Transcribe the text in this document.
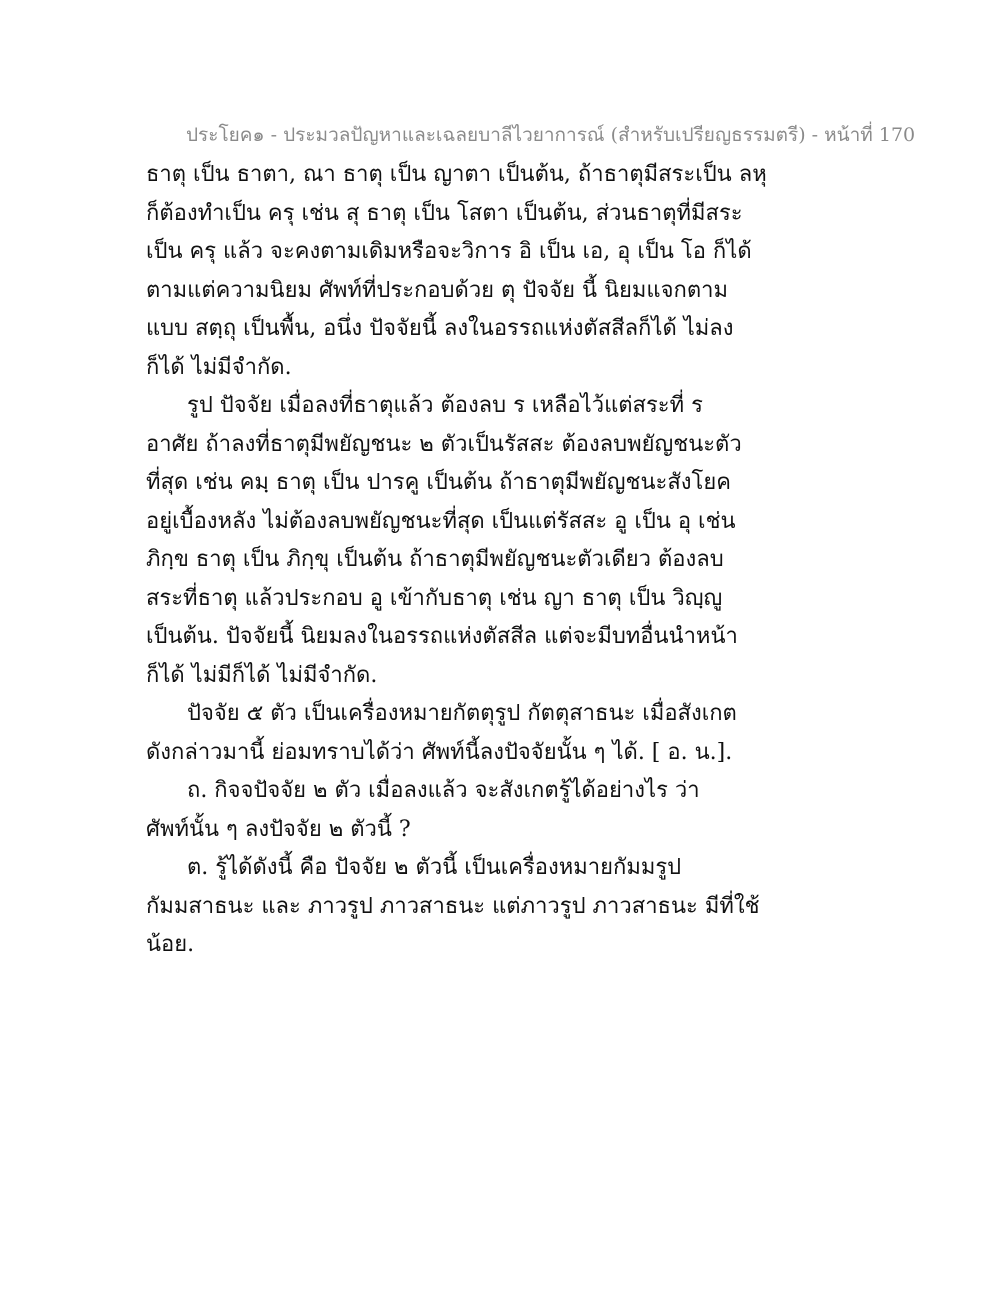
ประโยค๑ - ประมวลปัญหาและเฉลยบาลีไวยาการณ์ (สำหรับเปรียญธรรมตรี) - หน้าที่ 170
ธาตุ เป็น ธาตา, ณา ธาตุ เป็น ญาตา เป็นต้น, ถ้าธาตุมีสระเป็น ลหุ
ก็ต้องทำเป็น ครุ เช่น สุ ธาตุ เป็น โสตา เป็นต้น, ส่วนธาตุที่มีสระ
เป็น ครุ แล้ว จะคงตามเดิมหรือจะวิการ อิ เป็น เอ, อุ เป็น โอ ก็ได้
ตามแต่ความนิยม ศัพท์ที่ประกอบด้วย ตุ ปัจจัย นี้ นิยมแจกตาม
แบบ สตฺถุ เป็นพื้น, อนึ่ง ปัจจัยนี้ ลงในอรรถแห่งตัสสีลก็ได้ ไม่ลง
ก็ได้ ไม่มีจำกัด.
รูป ปัจจัย เมื่อลงที่ธาตุแล้ว ต้องลบ ร เหลือไว้แต่สระที่ ร
อาศัย ถ้าลงที่ธาตุมีพยัญชนะ ๒ ตัวเป็นรัสสะ ต้องลบพยัญชนะตัว
ที่สุด เช่น คมฺ ธาตุ เป็น ปารคู เป็นต้น ถ้าธาตุมีพยัญชนะสังโยค
อยู่เบื้องหลัง ไม่ต้องลบพยัญชนะที่สุด เป็นแต่รัสสะ อู เป็น อุ เช่น
ภิกฺข ธาตุ เป็น ภิกฺขุ เป็นต้น ถ้าธาตุมีพยัญชนะตัวเดียว ต้องลบ
สระที่ธาตุ แล้วประกอบ อู เข้ากับธาตุ เช่น ญา ธาตุ เป็น วิญฺญู
เป็นต้น. ปัจจัยนี้ นิยมลงในอรรถแห่งตัสสีล แต่จะมีบทอื่นนำหน้า
ก็ได้ ไม่มีก็ได้ ไม่มีจำกัด.
ปัจจัย ๕ ตัว เป็นเครื่องหมายกัตตุรูป กัตตุสาธนะ เมื่อสังเกต
ดังกล่าวมานี้ ย่อมทราบได้ว่า ศัพท์นี้ลงปัจจัยนั้น ๆ ได้. [ อ. น.].
ถ. กิจจปัจจัย ๒ ตัว เมื่อลงแล้ว จะสังเกตรู้ได้อย่างไร ว่า
ศัพท์นั้น ๆ ลงปัจจัย ๒ ตัวนี้ ?
ต. รู้ได้ดังนี้ คือ ปัจจัย ๒ ตัวนี้ เป็นเครื่องหมายกัมมรูป
กัมมสาธนะ และ ภาวรูป ภาวสาธนะ แต่ภาวรูป ภาวสาธนะ มีที่ใช้
น้อย.
